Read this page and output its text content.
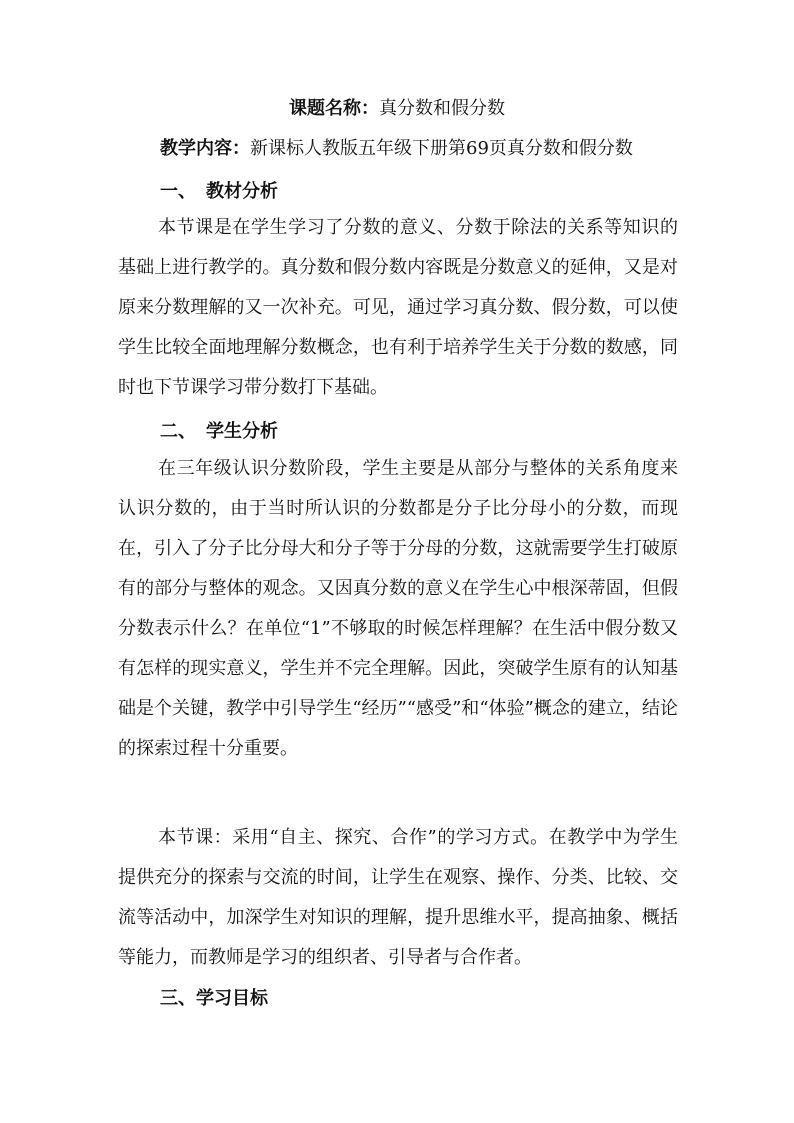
课题名称：真分数和假分数
教学内容：新课标人教版五年级下册第69页真分数和假分数
一、 教材分析

本节课是在学生学习了分数的意义、分数于除法的关系等知识的基础上进行教学的。真分数和假分数内容既是分数意义的延伸，又是对原来分数理解的又一次补充。可见，通过学习真分数、假分数，可以使学生比较全面地理解分数概念，也有利于培养学生关于分数的数感，同时也下节课学习带分数打下基础。

二、 学生分析

在三年级认识分数阶段，学生主要是从部分与整体的关系角度来认识分数的，由于当时所认识的分数都是分子比分母小的分数，而现在，引入了分子比分母大和分子等于分母的分数，这就需要学生打破原有的部分与整体的观念。又因真分数的意义在学生心中根深蒂固，但假分数表示什么？在单位“1”不够取的时候怎样理解？在生活中假分数又有怎样的现实意义，学生并不完全理解。因此，突破学生原有的认知基础是个关键，教学中引导学生“经历”“感受”和“体验”概念的建立，结论的探索过程十分重要。

本节课：采用“自主、探究、合作”的学习方式。在教学中为学生提供充分的探索与交流的时间，让学生在观察、操作、分类、比较、交流等活动中，加深学生对知识的理解，提升思维水平，提高抽象、概括等能力，而教师是学习的组织者、引导者与合作者。

三、学习目标
